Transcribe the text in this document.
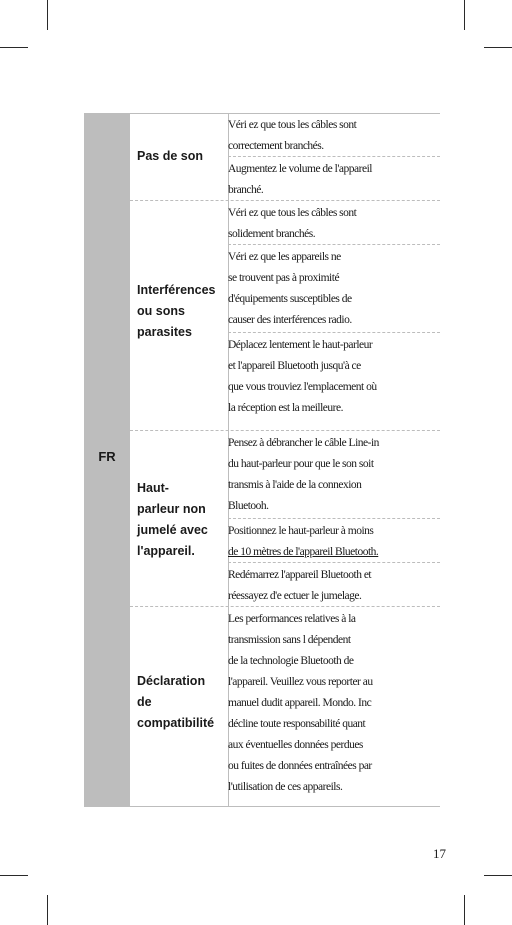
FR
Pas de son

Véri ez que tous les câbles sont
correctement branchés.

Augmentez le volume de l'appareil
branché.

Interférences
ou sons
parasites

Véri ez que tous les câbles sont
solidement branchés.

Véri ez que les appareils ne
se trouvent pas à proximité
d'équipements susceptibles de
causer des interférences radio.

Déplacez lentement le haut-parleur
et l'appareil Bluetooth jusqu'à ce
que vous trouviez l'emplacement où
la réception est la meilleure.

Haut-
parleur non
jumelé avec
l'appareil.

Pensez à débrancher le câble Line-in
du haut-parleur pour que le son soit
transmis à l'aide de la connexion
Bluetooh.

Positionnez le haut-parleur à moins
de 10 mètres de l'appareil Bluetooth.

Redémarrez l'appareil Bluetooth et
réessayez d'e ectuer le jumelage.

Déclaration
de
compatibilité

Les performances relatives à la
transmission sans l dépendent
de la technologie Bluetooth de
l'appareil. Veuillez vous reporter au
manuel dudit appareil. Mondo. Inc
décline toute responsabilité quant
aux éventuelles données perdues
ou fuites de données entraînées par
l'utilisation de ces appareils.

17
